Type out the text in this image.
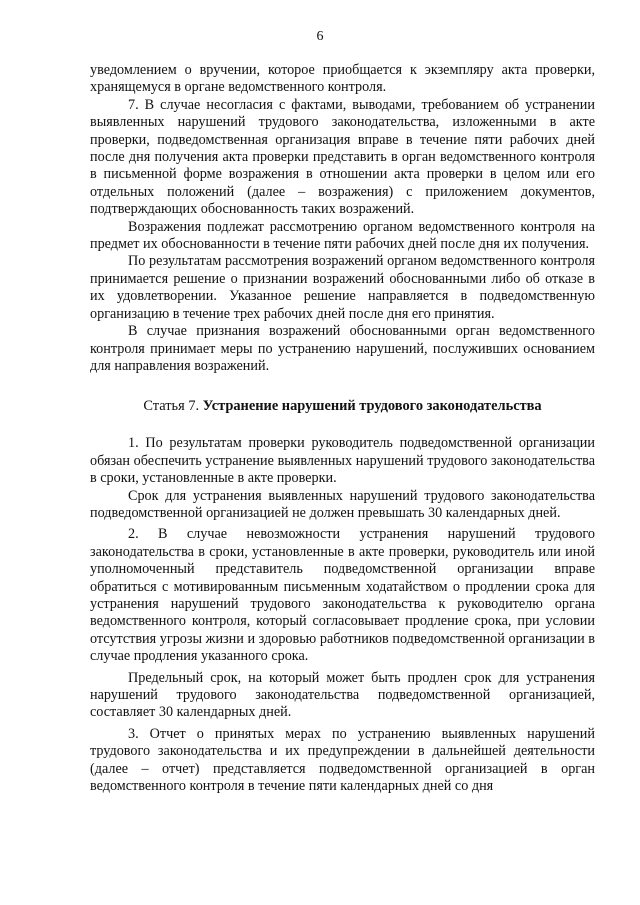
6

уведомлением о вручении, которое приобщается к экземпляру акта проверки, хранящемуся в органе ведомственного контроля.

7. В случае несогласия с фактами, выводами, требованием об устранении выявленных нарушений трудового законодательства, изложенными в акте проверки, подведомственная организация вправе в течение пяти рабочих дней после дня получения акта проверки представить в орган ведомственного контроля в письменной форме возражения в отношении акта проверки в целом или его отдельных положений (далее – возражения) с приложением документов, подтверждающих обоснованность таких возражений.

Возражения подлежат рассмотрению органом ведомственного контроля на предмет их обоснованности в течение пяти рабочих дней после дня их получения.

По результатам рассмотрения возражений органом ведомственного контроля принимается решение о признании возражений обоснованными либо об отказе в их удовлетворении. Указанное решение направляется в подведомственную организацию в течение трех рабочих дней после дня его принятия.

В случае признания возражений обоснованными орган ведомственного контроля принимает меры по устранению нарушений, послуживших основанием для направления возражений.

Статья 7. Устранение нарушений трудового законодательства

1. По результатам проверки руководитель подведомственной организации обязан обеспечить устранение выявленных нарушений трудового законодательства в сроки, установленные в акте проверки.

Срок для устранения выявленных нарушений трудового законодательства подведомственной организацией не должен превышать 30 календарных дней.

2. В случае невозможности устранения нарушений трудового законодательства в сроки, установленные в акте проверки, руководитель или иной уполномоченный представитель подведомственной организации вправе обратиться с мотивированным письменным ходатайством о продлении срока для устранения нарушений трудового законодательства к руководителю органа ведомственного контроля, который согласовывает продление срока, при условии отсутствия угрозы жизни и здоровью работников подведомственной организации в случае продления указанного срока.

Предельный срок, на который может быть продлен срок для устранения нарушений трудового законодательства подведомственной организацией, составляет 30 календарных дней.

3. Отчет о принятых мерах по устранению выявленных нарушений трудового законодательства и их предупреждении в дальнейшей деятельности (далее – отчет) представляется подведомственной организацией в орган ведомственного контроля в течение пяти календарных дней со дня
